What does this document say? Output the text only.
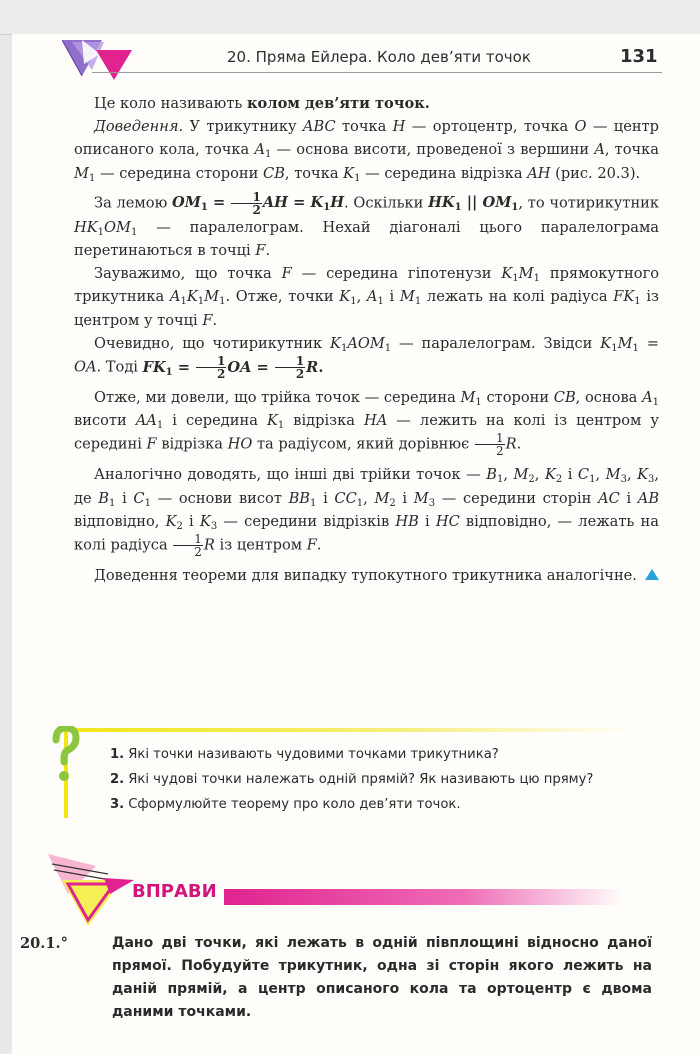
20. Пряма Ейлера. Коло дев’яти точок	131

Це коло називають колом дев’яти точок.

Доведення. У трикутнику ABC точка H — ортоцентр, точка O — центр описаного кола, точка $A_1$ — основа висоти, проведеної з вершини A, точка $M_1$ — середина сторони CB, точка $K_1$ — середина відрізка AH (рис. 20.3).

За лемою $OM_1 = \frac{1}{2}$ AH = $K_1H$. Оскільки $HK_1$ || $OM_1$, то чотирикутник $HK_1OM_1$ — паралелограм. Нехай діагоналі цього паралелограма перетинаються в точці F.

Зауважимо, що точка F — середина гіпотенузи $K_1M_1$ прямокутного трикутника $A_1K_1M_1$. Отже, точки $K_1$, $A_1$ і $M_1$ лежать на колі радіуса $FK_1$ із центром у точці F.

Очевидно, що чотирикутник $K_1AOM_1$ — паралелограм. Звідси $K_1M_1$ = OA. Тоді $FK_1 = \frac{1}{2}$ OA = $\frac{1}{2} R$.

Отже, ми довели, що трійка точок — середина $M_1$ сторони CB, основа $A_1$ висоти $AA_1$ і середина $K_1$ відрізка HA — лежить на колі із центром у середині F відрізка HO та радіусом, який дорівнює $\frac{1}{2} R$.

Аналогічно доводять, що інші дві трійки точок — $B_1$, $M_2$, $K_2$ і $C_1$, $M_3$, $K_3$, де $B_1$ і $C_1$ — основи висот $BB_1$ і $CC_1$, $M_2$ і $M_3$ — середини сторін AC і AB відповідно, $K_2$ і $K_3$ — середини відрізків HB і HC відповідно, — лежать на колі радіуса $\frac{1}{2}$ R із центром F.

Доведення теореми для випадку тупокутного трикутника аналогічне.

1. Які точки називають чудовими точками трикутника?
2. Які чудові точки належать одній прямій? Як називають цю пряму?
3. Сформулюйте теорему про коло дев’яти точок.
ВПРАВИ
20.1.°	Дано дві точки, які лежать в одній півплощині відносно даної прямої. Побудуйте трикутник, одна зі сторін якого лежить на даній прямій, а центр описаного кола та ортоцентр є двома даними точками.
